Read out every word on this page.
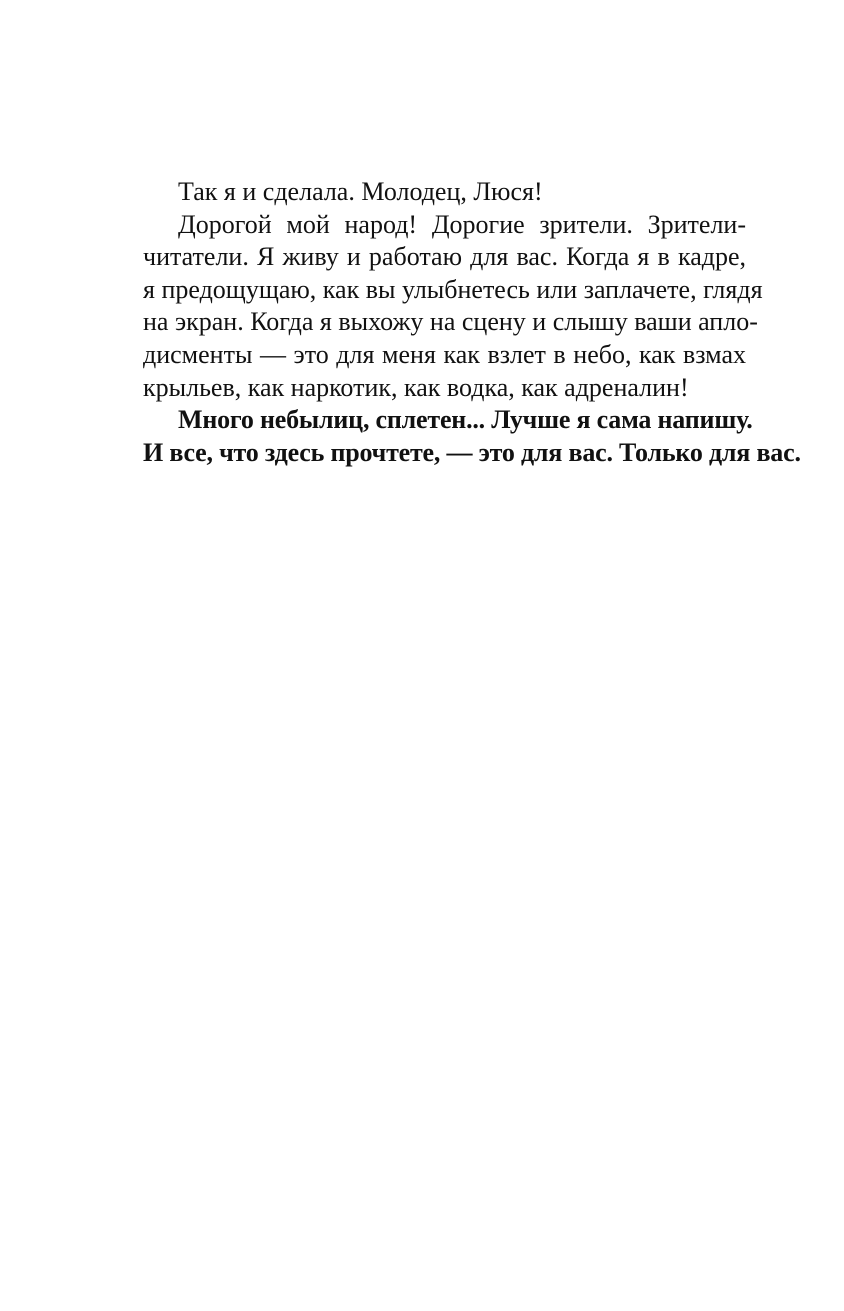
Так я и сделала. Молодец, Люся!

Дорогой мой народ! Дорогие зрители. Зрители-
читатели. Я живу и работаю для вас. Когда я в кадре,
я предощущаю, как вы улыбнетесь или заплачете, глядя
на экран. Когда я выхожу на сцену и слышу ваши апло-
дисменты — это для меня как взлет в небо, как взмах
крыльев, как наркотик, как водка, как адреналин!

Много небылиц, сплетен... Лучше я сама напишу.
И все, что здесь прочтете, — это для вас. Только для вас.
